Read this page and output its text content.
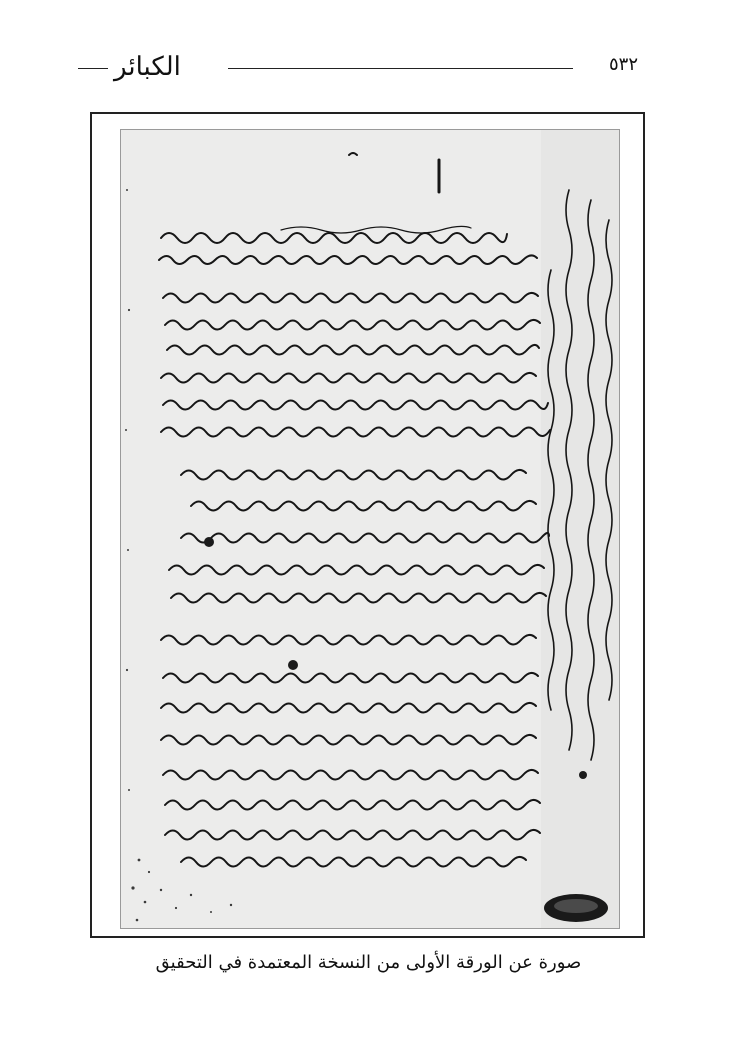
الكبائر	٥٣٢
صورة عن الورقة الأولى من النسخة المعتمدة في التحقيق
